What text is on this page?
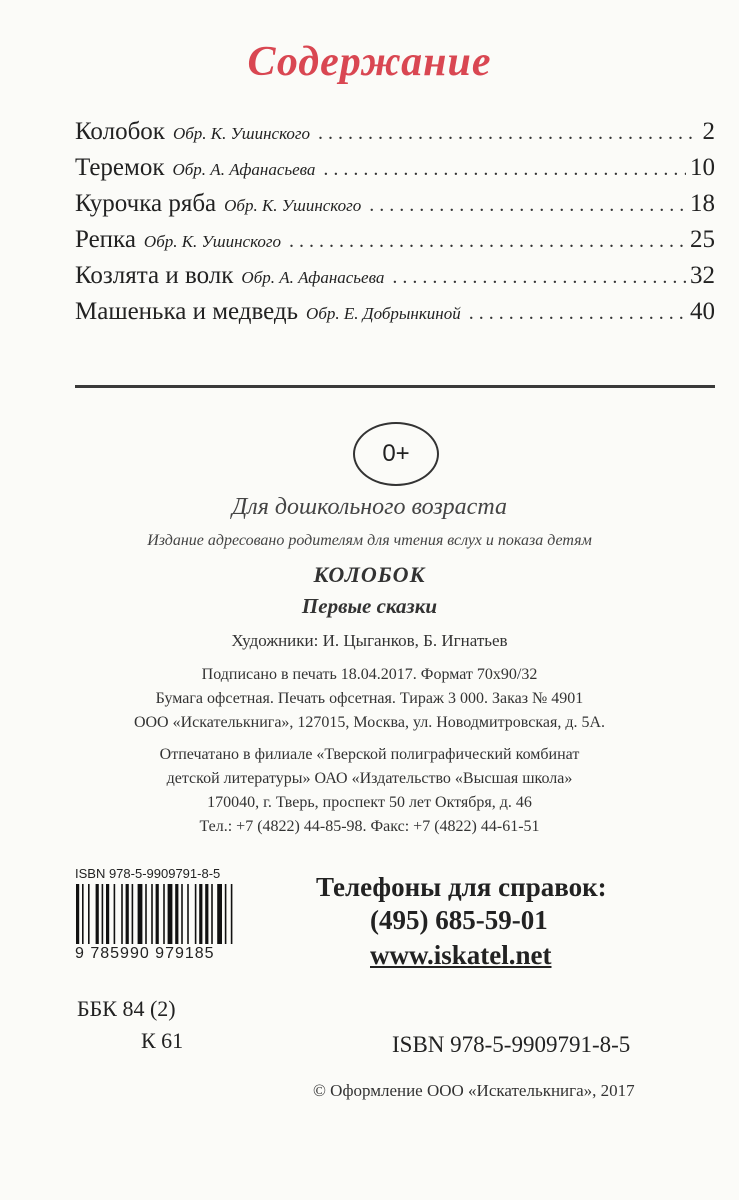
Содержание
Колобок Обр. К. Ушинского .....	2
Теремок Обр. А. Афанасьева .....	10
Курочка ряба Обр. К. Ушинского .....	18
Репка Обр. К. Ушинского .....	25
Козлята и волк Обр. А. Афанасьева .....	32
Машенька и медведь Обр. Е. Добрынкиной .....	40
0+
Для дошкольного возраста
Издание адресовано родителям для чтения вслух и показа детям
КОЛОБОК
Первые сказки
Художники: И. Цыганков, Б. Игнатьев
Подписано в печать 18.04.2017. Формат 70x90/32
Бумага офсетная. Печать офсетная. Тираж 3 000. Заказ № 4901
ООО «Искателькнига», 127015, Москва, ул. Новодмитровская, д. 5А.
Отпечатано в филиале «Тверской полиграфический комбинат
детской литературы» ОАО «Издательство «Высшая школа»
170040, г. Тверь, проспект 50 лет Октября, д. 46
Тел.: +7 (4822) 44-85-98. Факс: +7 (4822) 44-61-51
ISBN 978-5-9909791-8-5
9 785990 979185
Телефоны для справок:
(495) 685-59-01
www.iskatel.net
ББК 84 (2)
К 61	ISBN 978-5-9909791-8-5
© Оформление ООО «Искателькнига», 2017
